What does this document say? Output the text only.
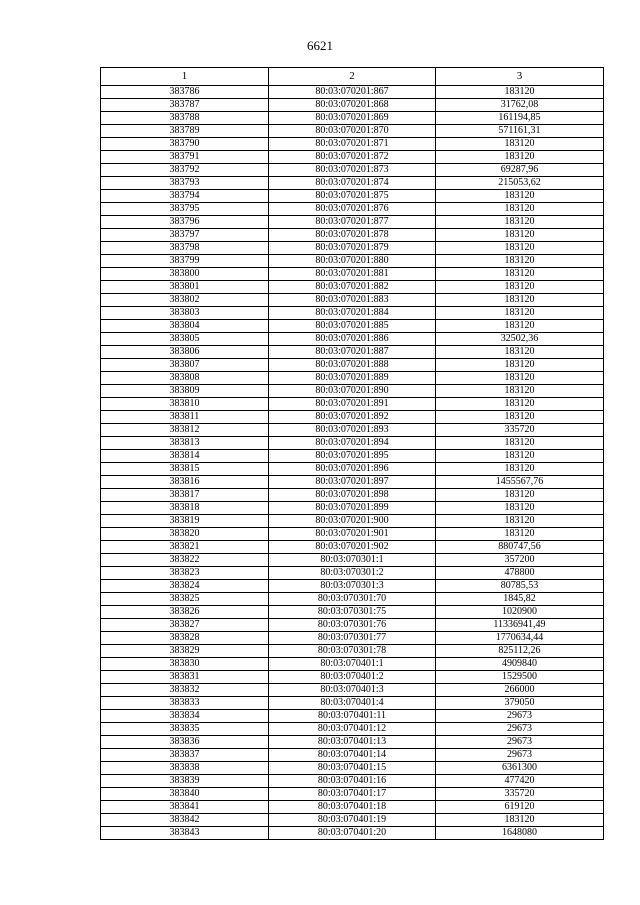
6621
1	2	3
383786	80:03:070201:867	183120
383787	80:03:070201:868	31762,08
383788	80:03:070201:869	161194,85
383789	80:03:070201:870	571161,31
383790	80:03:070201:871	183120
383791	80:03:070201:872	183120
383792	80:03:070201:873	69287,96
383793	80:03:070201:874	215053,62
383794	80:03:070201:875	183120
383795	80:03:070201:876	183120
383796	80:03:070201:877	183120
383797	80:03:070201:878	183120
383798	80:03:070201:879	183120
383799	80:03:070201:880	183120
383800	80:03:070201:881	183120
383801	80:03:070201:882	183120
383802	80:03:070201:883	183120
383803	80:03:070201:884	183120
383804	80:03:070201:885	183120
383805	80:03:070201:886	32502,36
383806	80:03:070201:887	183120
383807	80:03:070201:888	183120
383808	80:03:070201:889	183120
383809	80:03:070201:890	183120
383810	80:03:070201:891	183120
383811	80:03:070201:892	183120
383812	80:03:070201:893	335720
383813	80:03:070201:894	183120
383814	80:03:070201:895	183120
383815	80:03:070201:896	183120
383816	80:03:070201:897	1455567,76
383817	80:03:070201:898	183120
383818	80:03:070201:899	183120
383819	80:03:070201:900	183120
383820	80:03:070201:901	183120
383821	80:03:070201:902	880747,56
383822	80:03:070301:1	357200
383823	80:03:070301:2	478800
383824	80:03:070301:3	80785,53
383825	80:03:070301:70	1845,82
383826	80:03:070301:75	1020900
383827	80:03:070301:76	11336941,49
383828	80:03:070301:77	1770634,44
383829	80:03:070301:78	825112,26
383830	80:03:070401:1	4909840
383831	80:03:070401:2	1529500
383832	80:03:070401:3	266000
383833	80:03:070401:4	379050
383834	80:03:070401:11	29673
383835	80:03:070401:12	29673
383836	80:03:070401:13	29673
383837	80:03:070401:14	29673
383838	80:03:070401:15	6361300
383839	80:03:070401:16	477420
383840	80:03:070401:17	335720
383841	80:03:070401:18	619120
383842	80:03:070401:19	183120
383843	80:03:070401:20	1648080
